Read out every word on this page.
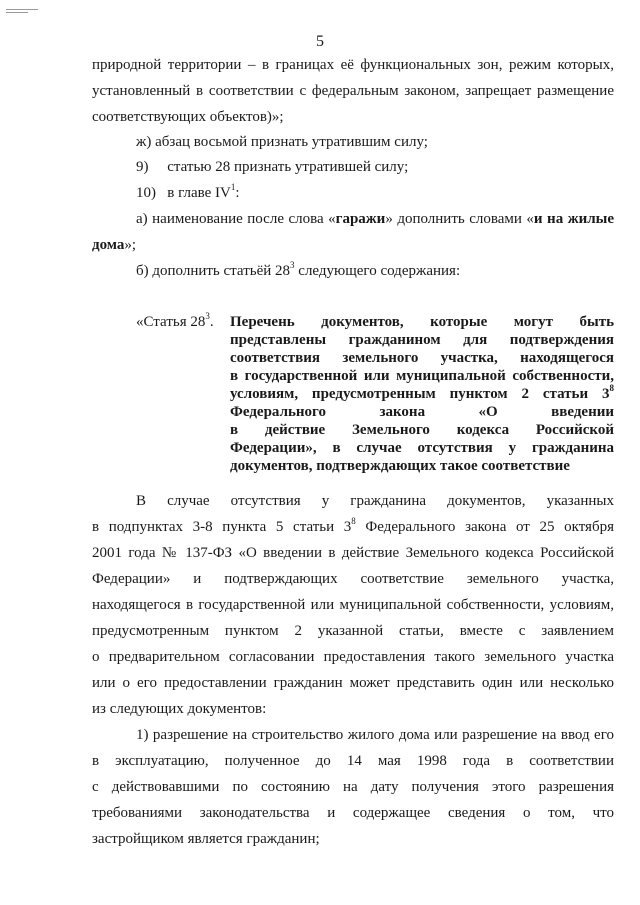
5
природной территории – в границах её функциональных зон, режим которых,
установленный в соответствии с федеральным законом, запрещает размещение
соответствующих объектов)»;
ж) абзац восьмой признать утратившим силу;
9)     статью 28 признать утратившей силу;
10)   в главе $IV^1$:
а) наименование после слова «гаражи» дополнить словами «и на жилые
дома»;
б) дополнить статьёй $28^3$ следующего содержания:
«Статья $28^3$. Перечень документов, которые могут быть
представлены гражданином для подтверждения
соответствия земельного участка, находящегося
в государственной или муниципальной собственности,
условиям, предусмотренным пунктом 2 статьи $3^8$
Федерального закона «О введении
в действие Земельного кодекса Российской
Федерации», в случае отсутствия у гражданина
документов, подтверждающих такое соответствие
В случае отсутствия у гражданина документов, указанных
в подпунктах 3-8 пункта 5 статьи $3^8$ Федерального закона от 25 октября
2001 года № 137-ФЗ «О введении в действие Земельного кодекса Российской
Федерации» и подтверждающих соответствие земельного участка,
находящегося в государственной или муниципальной собственности, условиям,
предусмотренным пунктом 2 указанной статьи, вместе с заявлением
о предварительном согласовании предоставления такого земельного участка
или о его предоставлении гражданин может представить один или несколько
из следующих документов:
1) разрешение на строительство жилого дома или разрешение на ввод его
в эксплуатацию, полученное до 14 мая 1998 года в соответствии
с действовавшими по состоянию на дату получения этого разрешения
требованиями законодательства и содержащее сведения о том, что
застройщиком является гражданин;
